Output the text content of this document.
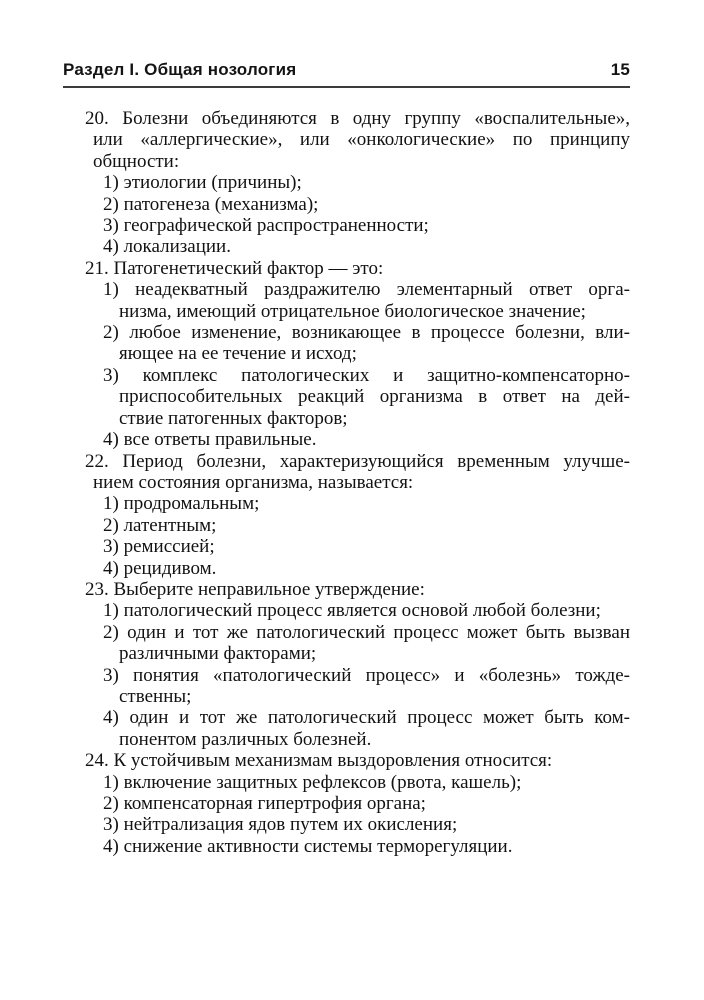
Раздел I. Общая нозология	15
20. Болезни объединяются в одну группу «воспалительные»,
или «аллергические», или «онкологические» по принципу
общности:
1) этиологии (причины);
2) патогенеза (механизма);
3) географической распространенности;
4) локализации.
21. Патогенетический фактор — это:
1) неадекватный раздражителю элементарный ответ орга-
низма, имеющий отрицательное биологическое значение;
2) любое изменение, возникающее в процессе болезни, вли-
яющее на ее течение и исход;
3) комплекс патологических и защитно-компенсаторно-
приспособительных реакций организма в ответ на дей-
ствие патогенных факторов;
4) все ответы правильные.
22. Период болезни, характеризующийся временным улучше-
нием состояния организма, называется:
1) продромальным;
2) латентным;
3) ремиссией;
4) рецидивом.
23. Выберите неправильное утверждение:
1) патологический процесс является основой любой болезни;
2) один и тот же патологический процесс может быть вызван
различными факторами;
3) понятия «патологический процесс» и «болезнь» тожде-
ственны;
4) один и тот же патологический процесс может быть ком-
понентом различных болезней.
24. К устойчивым механизмам выздоровления относится:
1) включение защитных рефлексов (рвота, кашель);
2) компенсаторная гипертрофия органа;
3) нейтрализация ядов путем их окисления;
4) снижение активности системы терморегуляции.
